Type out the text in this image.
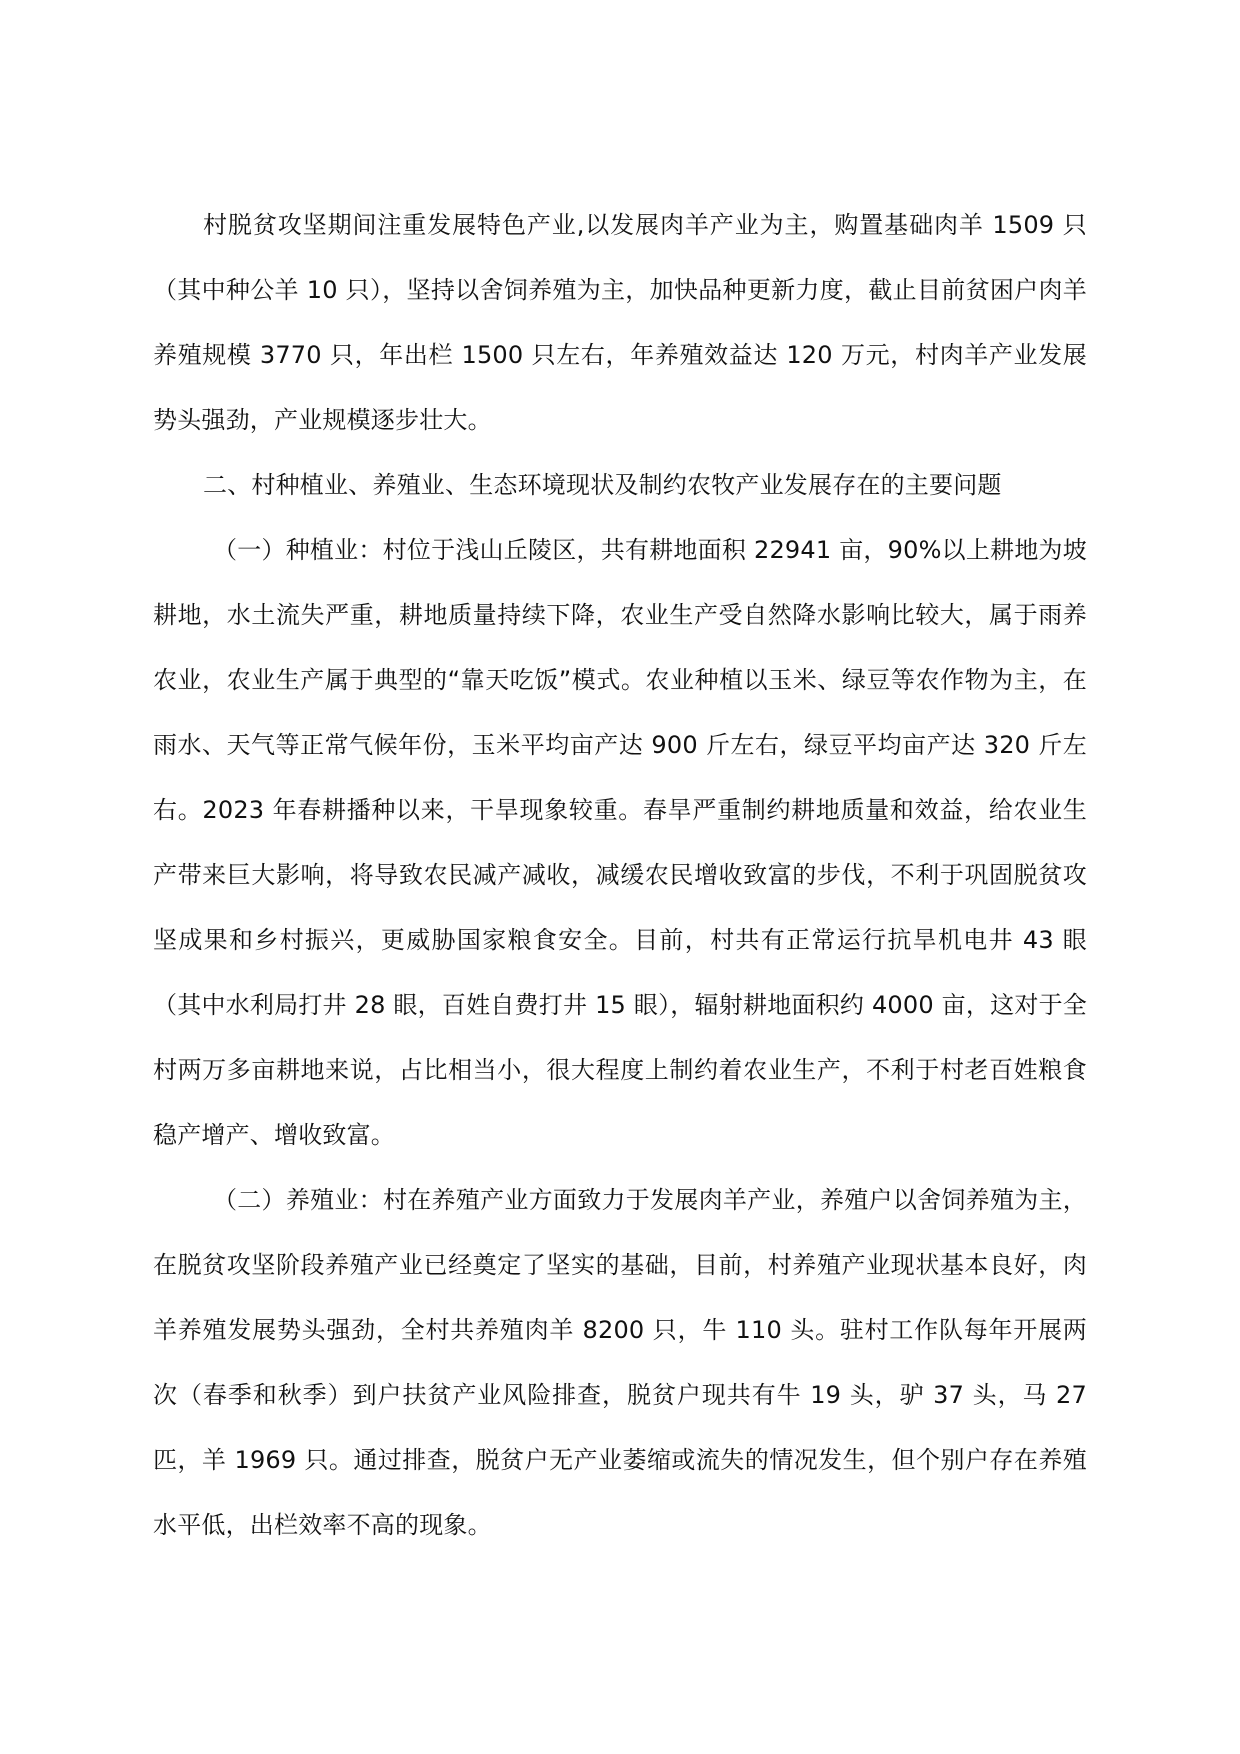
村脱贫攻坚期间注重发展特色产业,以发展肉羊产业为主，购置基础肉羊 1509 只（其中种公羊 10 只），坚持以舍饲养殖为主，加快品种更新力度，截止目前贫困户肉羊养殖规模 3770 只，年出栏 1500 只左右，年养殖效益达 120 万元，村肉羊产业发展势头强劲，产业规模逐步壮大。

二、村种植业、养殖业、生态环境现状及制约农牧产业发展存在的主要问题

（一）种植业：村位于浅山丘陵区，共有耕地面积 22941 亩，90%以上耕地为坡耕地，水土流失严重，耕地质量持续下降，农业生产受自然降水影响比较大，属于雨养农业，农业生产属于典型的“靠天吃饭”模式。农业种植以玉米、绿豆等农作物为主，在雨水、天气等正常气候年份，玉米平均亩产达 900 斤左右，绿豆平均亩产达 320 斤左右。2023 年春耕播种以来，干旱现象较重。春旱严重制约耕地质量和效益，给农业生产带来巨大影响，将导致农民减产减收，减缓农民增收致富的步伐，不利于巩固脱贫攻坚成果和乡村振兴，更威胁国家粮食安全。目前，村共有正常运行抗旱机电井 43 眼（其中水利局打井 28 眼，百姓自费打井 15 眼），辐射耕地面积约 4000 亩，这对于全村两万多亩耕地来说，占比相当小，很大程度上制约着农业生产，不利于村老百姓粮食稳产增产、增收致富。

（二）养殖业：村在养殖产业方面致力于发展肉羊产业，养殖户以舍饲养殖为主，在脱贫攻坚阶段养殖产业已经奠定了坚实的基础，目前，村养殖产业现状基本良好，肉羊养殖发展势头强劲，全村共养殖肉羊 8200 只，牛 110 头。驻村工作队每年开展两次（春季和秋季）到户扶贫产业风险排查，脱贫户现共有牛 19 头，驴 37 头，马 27 匹，羊 1969 只。通过排查，脱贫户无产业萎缩或流失的情况发生，但个别户存在养殖水平低，出栏效率不高的现象。
